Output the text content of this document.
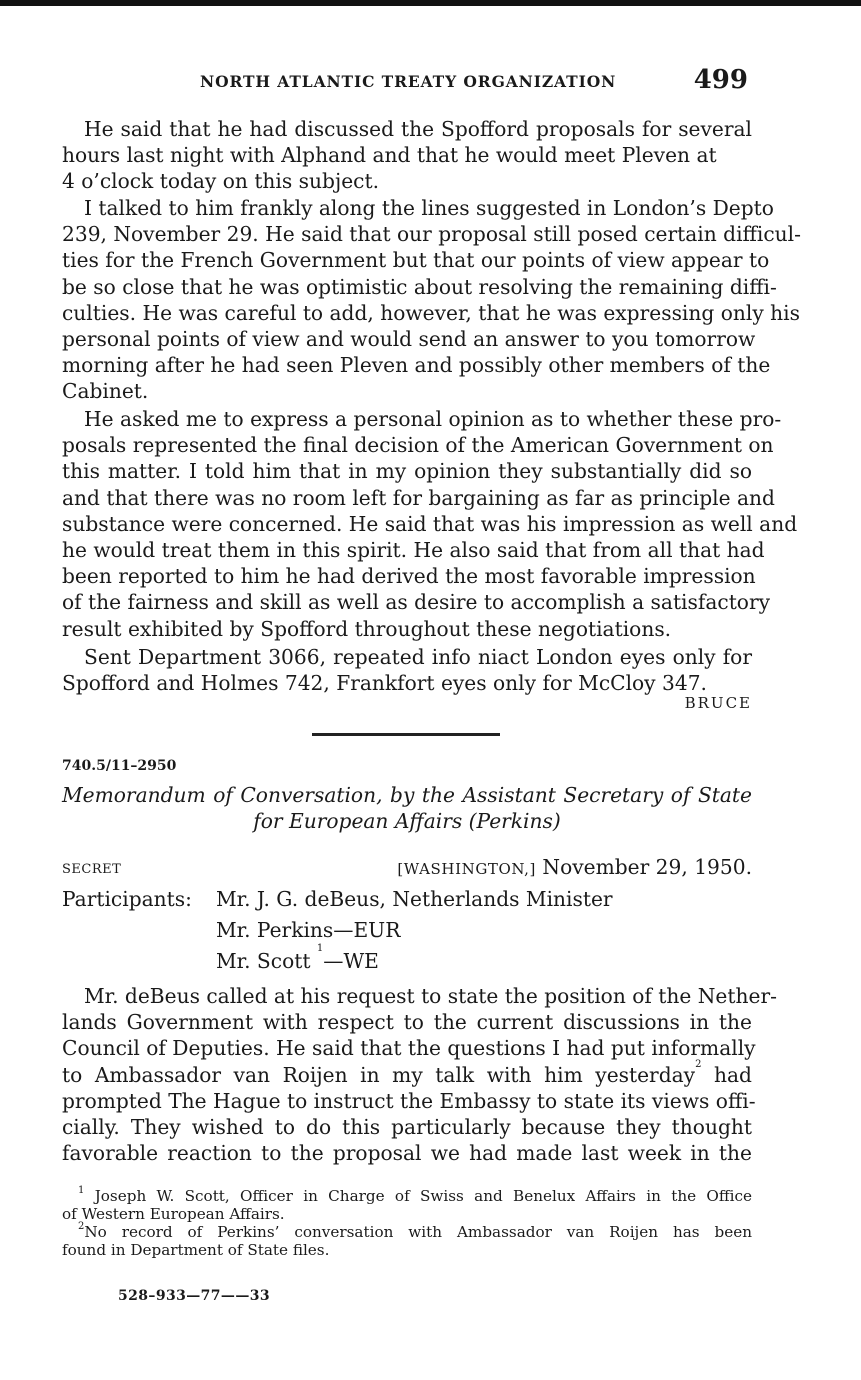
NORTH ATLANTIC TREATY ORGANIZATION	499
He said that he had discussed the Spofford proposals for several
hours last night with Alphand and that he would meet Pleven at
4 o’clock today on this subject.
I talked to him frankly along the lines suggested in London’s Depto
239, November 29. He said that our proposal still posed certain difficul-
ties for the French Government but that our points of view appear to
be so close that he was optimistic about resolving the remaining diffi-
culties. He was careful to add, however, that he was expressing only his
personal points of view and would send an answer to you tomorrow
morning after he had seen Pleven and possibly other members of the
Cabinet.
He asked me to express a personal opinion as to whether these pro-
posals represented the final decision of the American Government on
this matter. I told him that in my opinion they substantially did so
and that there was no room left for bargaining as far as principle and
substance were concerned. He said that was his impression as well and
he would treat them in this spirit. He also said that from all that had
been reported to him he had derived the most favorable impression
of the fairness and skill as well as desire to accomplish a satisfactory
result exhibited by Spofford throughout these negotiations.
Sent Department 3066, repeated info niact London eyes only for
Spofford and Holmes 742, Frankfort eyes only for McCloy 347.
BRUCE
740.5/11–2950
Memorandum of Conversation, by the Assistant Secretary of State
for European Affairs (Perkins)
SECRET	[WASHINGTON,] November 29, 1950.
Participants: Mr. J. G. deBeus, Netherlands Minister
Mr. Perkins—EUR
Mr. Scott $^1$—WE
Mr. deBeus called at his request to state the position of the Nether-
lands Government with respect to the current discussions in the
Council of Deputies. He said that the questions I had put informally
to Ambassador van Roijen in my talk with him yesterday$^2$ had
prompted The Hague to instruct the Embassy to state its views offi-
cially. They wished to do this particularly because they thought
favorable reaction to the proposal we had made last week in the
$^1$ Joseph W. Scott, Officer in Charge of Swiss and Benelux Affairs in the Office
of Western European Affairs.
$^2$No record of Perkins’ conversation with Ambassador van Roijen has been
found in Department of State files.
528–933—77——33
